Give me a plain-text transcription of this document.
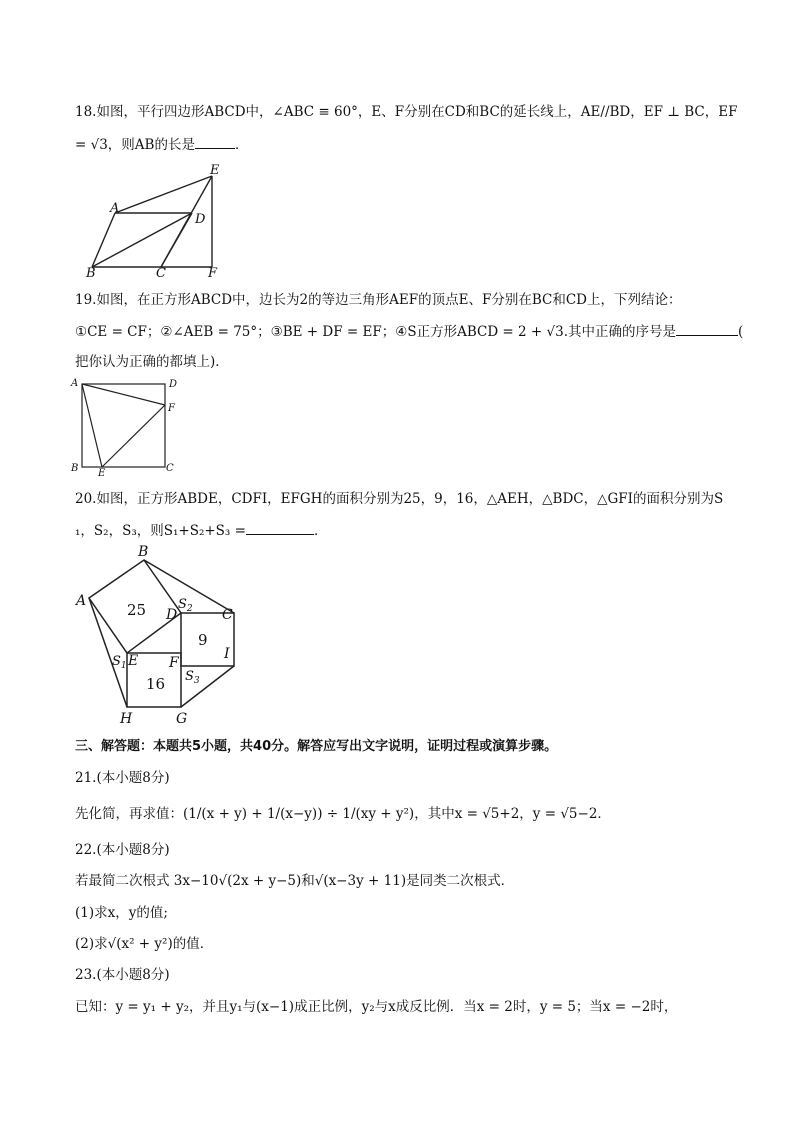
18.如图，平行四边形ABCD中，∠ABC ≡ 60°，E、F分别在CD和BC的延长线上，AE//BD，EF ⊥ BC，EF
= √3，则AB的长是	．
A
B	C
D
E
F
19.如图，在正方形ABCD中，边长为2的等边三角形AEF的顶点E、F分别在BC和CD上，下列结论：
①CE = CF；②∠AEB = 75°；③BE + DF = EF；④S正方形ABCD = 2 + √3.其中正确的序号是	(
把你认为正确的都填上)．
A	D
F
B E	C
20.如图，正方形ABDE，CDFI，EFGH的面积分别为25，9，16，△AEH，△BDC，△GFI的面积分别为S
₁，S₂，S₃，则S₁+S₂+S₃ =	．
A
B
C
D
E F
G
H
I
$S_1$
$S_2$
$S_3$
25
9
16
三、解答题：本题共5小题，共40分。解答应写出文字说明，证明过程或演算步骤。
21.(本小题8分)
先化简，再求值：(1/(x + y) + 1/(x−y)) ÷ 1/(xy + y²)，其中x = √5+2，y = √5−2．
22.(本小题8分)
若最简二次根式 3x−10√(2x + y−5)和√(x−3y + 11)是同类二次根式．
(1)求x，y的值;
(2)求√(x² + y²)的值．
23.(本小题8分)
已知：y = y₁ + y₂，并且y₁与(x−1)成正比例，y₂与x成反比例．当x = 2时，y = 5；当x = −2时，
